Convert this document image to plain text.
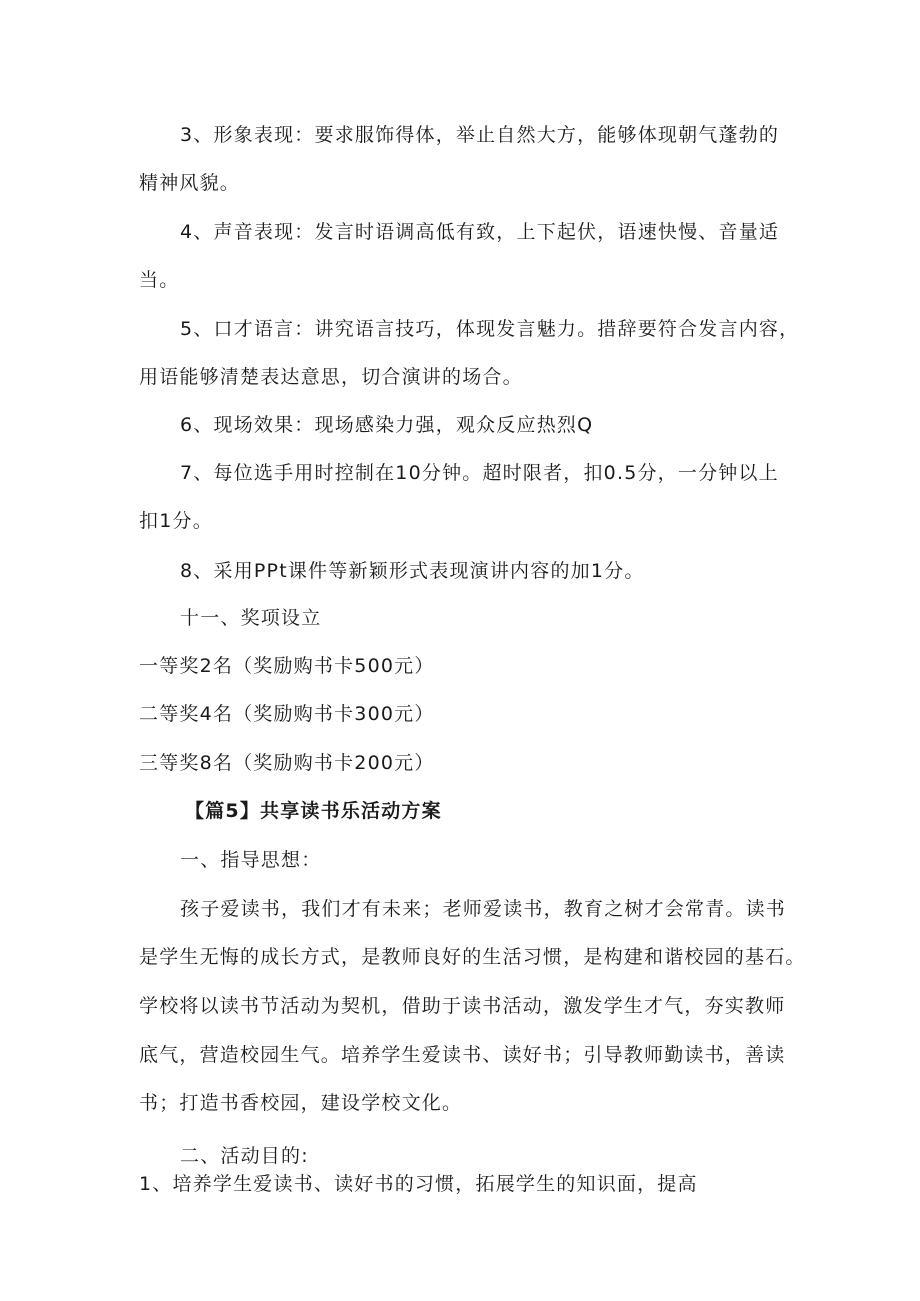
3、形象表现：要求服饰得体，举止自然大方，能够体现朝气蓬勃的
精神风貌。
4、声音表现：发言时语调高低有致，上下起伏，语速快慢、音量适
当。
5、口才语言：讲究语言技巧，体现发言魅力。措辞要符合发言内容，
用语能够清楚表达意思，切合演讲的场合。
6、现场效果：现场感染力强，观众反应热烈Q
7、每位选手用时控制在10分钟。超时限者，扣0.5分，一分钟以上
扣1分。
8、采用PPt课件等新颖形式表现演讲内容的加1分。
十一、奖项设立
一等奖2名（奖励购书卡500元）
二等奖4名（奖励购书卡300元）
三等奖8名（奖励购书卡200元）
【篇5】共享读书乐活动方案
一、指导思想：
孩子爱读书，我们才有未来；老师爱读书，教育之树才会常青。读书
是学生无悔的成长方式，是教师良好的生活习惯，是构建和谐校园的基石。
学校将以读书节活动为契机，借助于读书活动，激发学生才气，夯实教师
底气，营造校园生气。培养学生爱读书、读好书；引导教师勤读书，善读
书；打造书香校园，建设学校文化。
二、活动目的:
1、培养学生爱读书、读好书的习惯，拓展学生的知识面，提高
